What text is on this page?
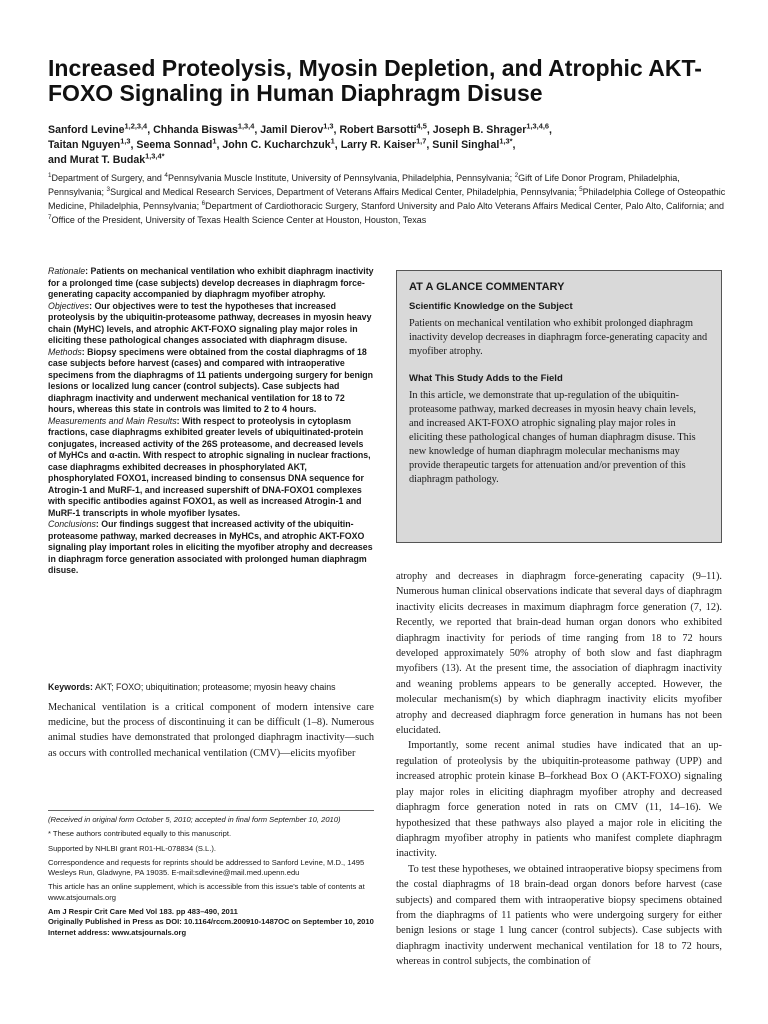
Increased Proteolysis, Myosin Depletion, and Atrophic AKT-FOXO Signaling in Human Diaphragm Disuse

Sanford Levine$^{1,2,3,4}$, Chhanda Biswas$^{1,3,4}$, Jamil Dierov$^{1,3}$, Robert Barsotti$^{4,5}$, Joseph B. Shrager$^{1,3,4,6}$,
Taitan Nguyen$^{1,3}$, Seema Sonnad$^1$, John C. Kucharchzuk$^1$, Larry R. Kaiser$^{1,7}$, Sunil Singhal$^{1,3*}$,
and Murat T. Budak$^{1,3,4*}$

$^1$Department of Surgery, and $^4$Pennsylvania Muscle Institute, University of Pennsylvania, Philadelphia, Pennsylvania; $^2$Gift of Life Donor Program, Philadelphia, Pennsylvania; $^3$Surgical and Medical Research Services, Department of Veterans Affairs Medical Center, Philadelphia, Pennsylvania; $^5$Philadelphia College of Osteopathic Medicine, Philadelphia, Pennsylvania; $^6$Department of Cardiothoracic Surgery, Stanford University and Palo Alto Veterans Affairs Medical Center, Palo Alto, California; and $^7$Office of the President, University of Texas Health Science Center at Houston, Houston, Texas

Rationale: Patients on mechanical ventilation who exhibit diaphragm inactivity for a prolonged time (case subjects) develop decreases in diaphragm force-generating capacity accompanied by diaphragm myofiber atrophy.

Objectives: Our objectives were to test the hypotheses that increased proteolysis by the ubiquitin-proteasome pathway, decreases in myosin heavy chain (MyHC) levels, and atrophic AKT-FOXO signaling play major roles in eliciting these pathological changes associated with diaphragm disuse.

Methods: Biopsy specimens were obtained from the costal diaphragms of 18 case subjects before harvest (cases) and compared with intraoperative specimens from the diaphragms of 11 patients undergoing surgery for benign lesions or localized lung cancer (control subjects). Case subjects had diaphragm inactivity and underwent mechanical ventilation for 18 to 72 hours, whereas this state in controls was limited to 2 to 4 hours.

Measurements and Main Results: With respect to proteolysis in cytoplasm fractions, case diaphragms exhibited greater levels of ubiquitinated-protein conjugates, increased activity of the 26S proteasome, and decreased levels of MyHCs and α-actin. With respect to atrophic signaling in nuclear fractions, case diaphragms exhibited decreases in phosphorylated AKT, phosphorylated FOXO1, increased binding to consensus DNA sequence for Atrogin-1 and MuRF-1, and increased supershift of DNA-FOXO1 complexes with specific antibodies against FOXO1, as well as increased Atrogin-1 and MuRF-1 transcripts in whole myofiber lysates.

Conclusions: Our findings suggest that increased activity of the ubiquitin-proteasome pathway, marked decreases in MyHCs, and atrophic AKT-FOXO signaling play important roles in eliciting the myofiber atrophy and decreases in diaphragm force generation associated with prolonged human diaphragm disuse.

Keywords: AKT; FOXO; ubiquitination; proteasome; myosin heavy chains

Mechanical ventilation is a critical component of modern intensive care medicine, but the process of discontinuing it can be difficult (1–8). Numerous animal studies have demonstrated that prolonged diaphragm inactivity—such as occurs with controlled mechanical ventilation (CMV)—elicits myofiber

(Received in original form October 5, 2010; accepted in final form September 10, 2010)

* These authors contributed equally to this manuscript.

Supported by NHLBI grant R01-HL-078834 (S.L.).

Correspondence and requests for reprints should be addressed to Sanford Levine, M.D., 1495 Wesleys Run, Gladwyne, PA 19035. E-mail:sdlevine@mail.med.upenn.edu

This article has an online supplement, which is accessible from this issue's table of contents at www.atsjournals.org

Am J Respir Crit Care Med Vol 183. pp 483–490, 2011

Originally Published in Press as DOI: 10.1164/rccm.200910-1487OC on September 10, 2010

Internet address: www.atsjournals.org

AT A GLANCE COMMENTARY

Scientific Knowledge on the Subject

Patients on mechanical ventilation who exhibit prolonged diaphragm inactivity develop decreases in diaphragm force-generating capacity and myofiber atrophy.

What This Study Adds to the Field

In this article, we demonstrate that up-regulation of the ubiquitin-proteasome pathway, marked decreases in myosin heavy chain levels, and increased AKT-FOXO atrophic signaling play major roles in eliciting these pathological changes of human diaphragm disuse. This new knowledge of human diaphragm molecular mechanisms may provide therapeutic targets for attenuation and/or prevention of this diaphragm pathology.

atrophy and decreases in diaphragm force-generating capacity (9–11). Numerous human clinical observations indicate that several days of diaphragm inactivity elicits decreases in maximum diaphragm force generation (7, 12). Recently, we reported that brain-dead human organ donors who exhibited diaphragm inactivity for periods of time ranging from 18 to 72 hours developed approximately 50% atrophy of both slow and fast diaphragm myofibers (13). At the present time, the association of diaphragm inactivity and weaning problems appears to be generally accepted. However, the molecular mechanism(s) by which diaphragm inactivity elicits myofiber atrophy and decreased diaphragm force generation in humans has not been elucidated.

Importantly, some recent animal studies have indicated that an up-regulation of proteolysis by the ubiquitin-proteasome pathway (UPP) and increased atrophic protein kinase B–forkhead Box O (AKT-FOXO) signaling play major roles in eliciting diaphragm myofiber atrophy and decreased diaphragm force generation noted in rats on CMV (11, 14–16). We hypothesized that these pathways also played a major role in eliciting the diaphragm myofiber atrophy in patients who manifest complete diaphragm inactivity.

To test these hypotheses, we obtained intraoperative biopsy specimens from the costal diaphragms of 18 brain-dead organ donors before harvest (case subjects) and compared them with intraoperative biopsy specimens obtained from the diaphragms of 11 patients who were undergoing surgery for either benign lesions or stage 1 lung cancer (control subjects). Case subjects with diaphragm inactivity underwent mechanical ventilation for 18 to 72 hours, whereas in control subjects, the combination of
